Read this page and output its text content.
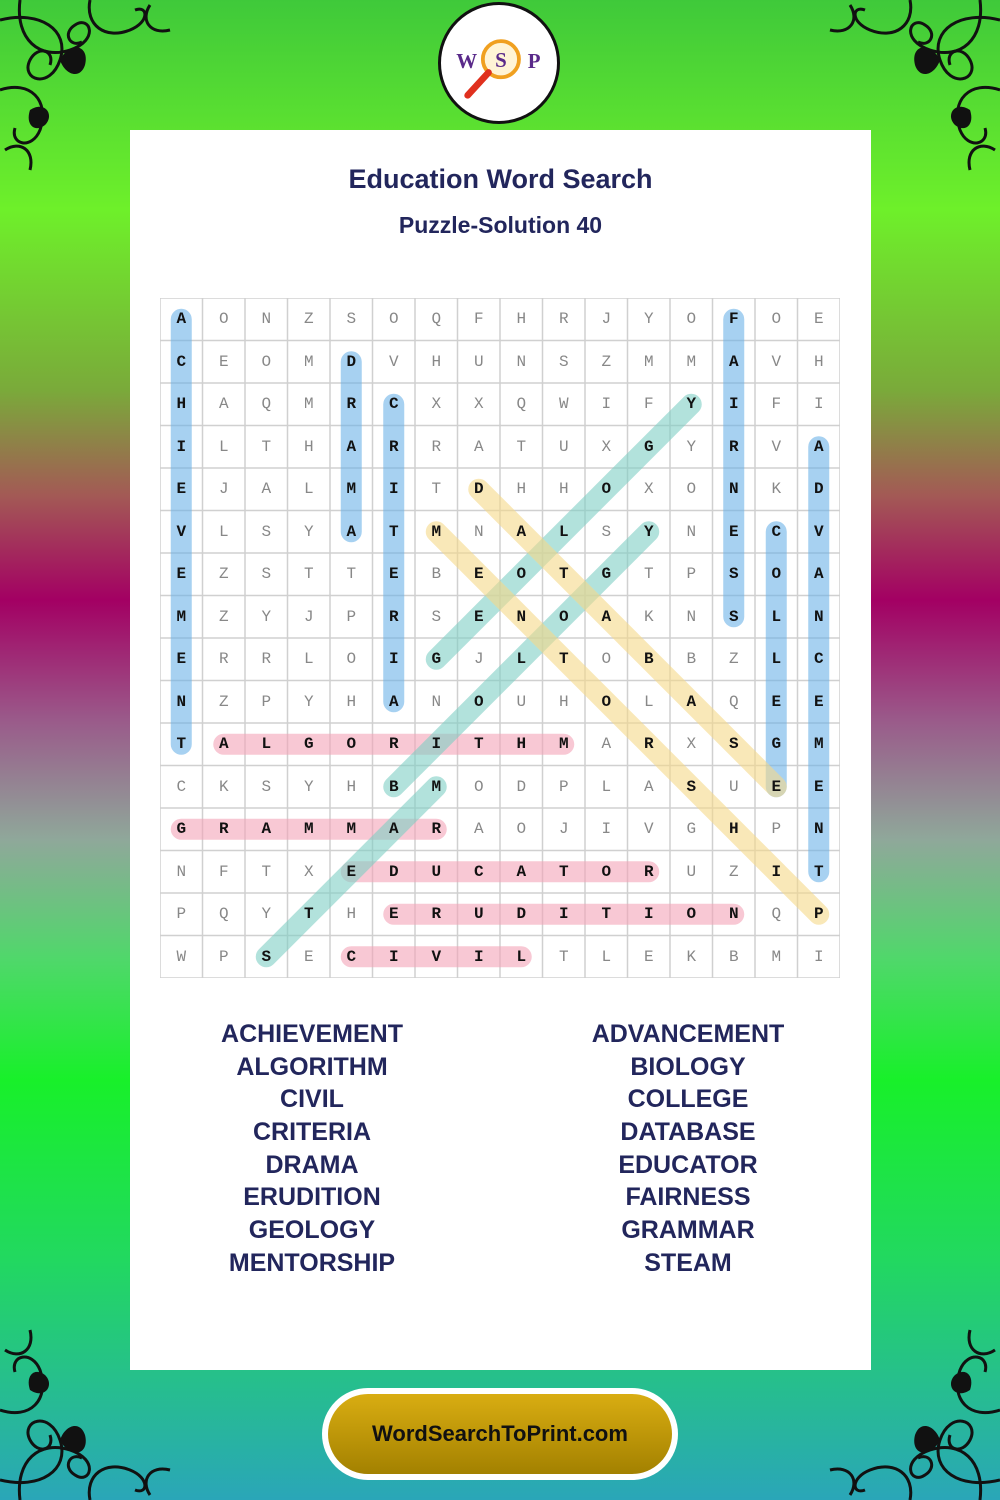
W S P
Education Word Search
Puzzle-Solution 40
A	O	N	Z	S	O	Q	F	H	R	J	Y	O	F	O	E
C	E	O	M	D	V	H	U	N	S	Z	M	M	A	V	H
H	A	Q	M	R	C	X	X	Q	W	I	F	Y	I	F	I
I	L	T	H	A	R	R	A	T	U	X	G	Y	R	V	A
E	J	A	L	M	I	T	D	H	H	O	X	O	N	K	D
V	L	S	Y	A	T	M	N	A	L	S	Y	N	E	C	V
E	Z	S	T	T	E	B	E	O	T	G	T	P	S	O	A
M	Z	Y	J	P	R	S	E	N	O	A	K	N	S	L	N
E	R	R	L	O	I	G	J	L	T	O	B	B	Z	L	C
N	Z	P	Y	H	A	N	O	U	H	O	L	A	Q	E	E
T	A	L	G	O	R	I	T	H	M	A	R	X	S	G	M
C	K	S	Y	H	B	M	O	D	P	L	A	S	U	E	E
G	R	A	M	M	A	R	A	O	J	I	V	G	H	P	N
N	F	T	X	E	D	U	C	A	T	O	R	U	Z	I	T
P	Q	Y	T	H	E	R	U	D	I	T	I	O	N	Q	P
W	P	S	E	C	I	V	I	L	T	L	E	K	B	M	I
ACHIEVEMENT
ALGORITHM
CIVIL
CRITERIA
DRAMA
ERUDITION
GEOLOGY
MENTORSHIP
ADVANCEMENT
BIOLOGY
COLLEGE
DATABASE
EDUCATOR
FAIRNESS
GRAMMAR
STEAM
WordSearchToPrint.com
